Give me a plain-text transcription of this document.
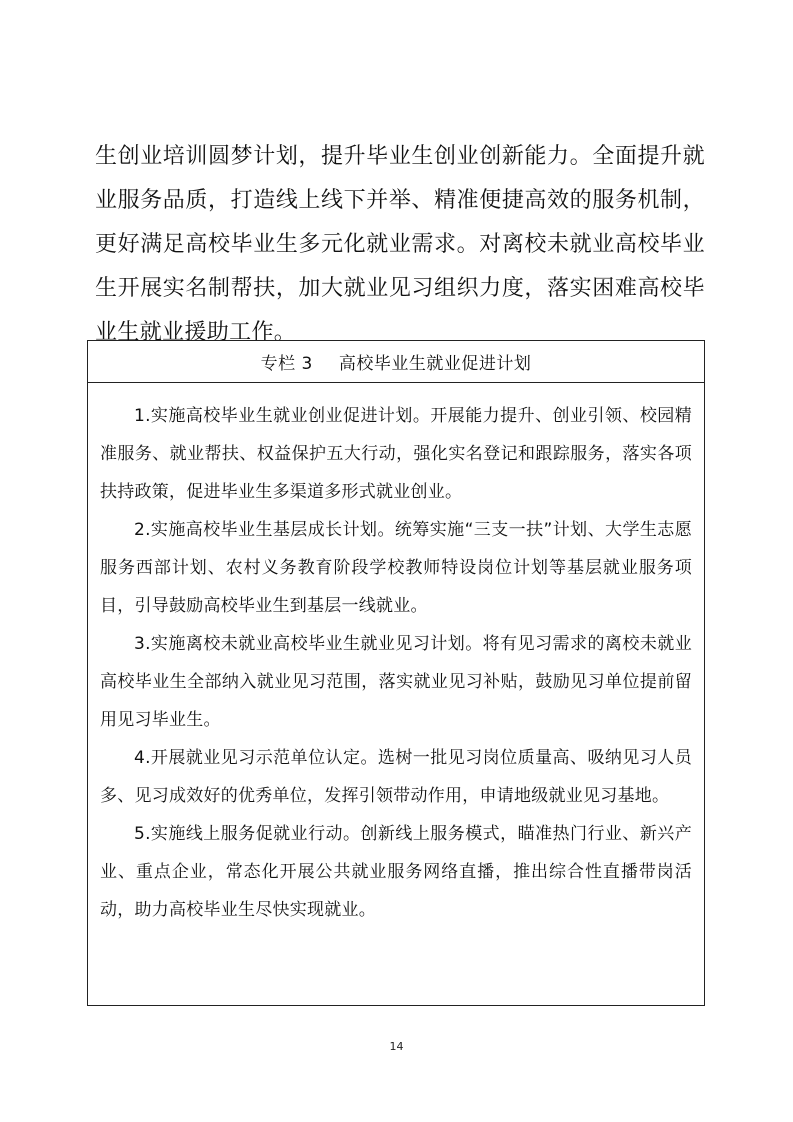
生创业培训圆梦计划，提升毕业生创业创新能力。全面提升就业服务品质，打造线上线下并举、精准便捷高效的服务机制，更好满足高校毕业生多元化就业需求。对离校未就业高校毕业生开展实名制帮扶，加大就业见习组织力度，落实困难高校毕业生就业援助工作。

专栏 3 高校毕业生就业促进计划

1.实施高校毕业生就业创业促进计划。开展能力提升、创业引领、校园精准服务、就业帮扶、权益保护五大行动，强化实名登记和跟踪服务，落实各项扶持政策，促进毕业生多渠道多形式就业创业。

2.实施高校毕业生基层成长计划。统筹实施“三支一扶”计划、大学生志愿服务西部计划、农村义务教育阶段学校教师特设岗位计划等基层就业服务项目，引导鼓励高校毕业生到基层一线就业。

3.实施离校未就业高校毕业生就业见习计划。将有见习需求的离校未就业高校毕业生全部纳入就业见习范围，落实就业见习补贴，鼓励见习单位提前留用见习毕业生。

4.开展就业见习示范单位认定。选树一批见习岗位质量高、吸纳见习人员多、见习成效好的优秀单位，发挥引领带动作用，申请地级就业见习基地。

5.实施线上服务促就业行动。创新线上服务模式，瞄准热门行业、新兴产业、重点企业，常态化开展公共就业服务网络直播，推出综合性直播带岗活动，助力高校毕业生尽快实现就业。

14
